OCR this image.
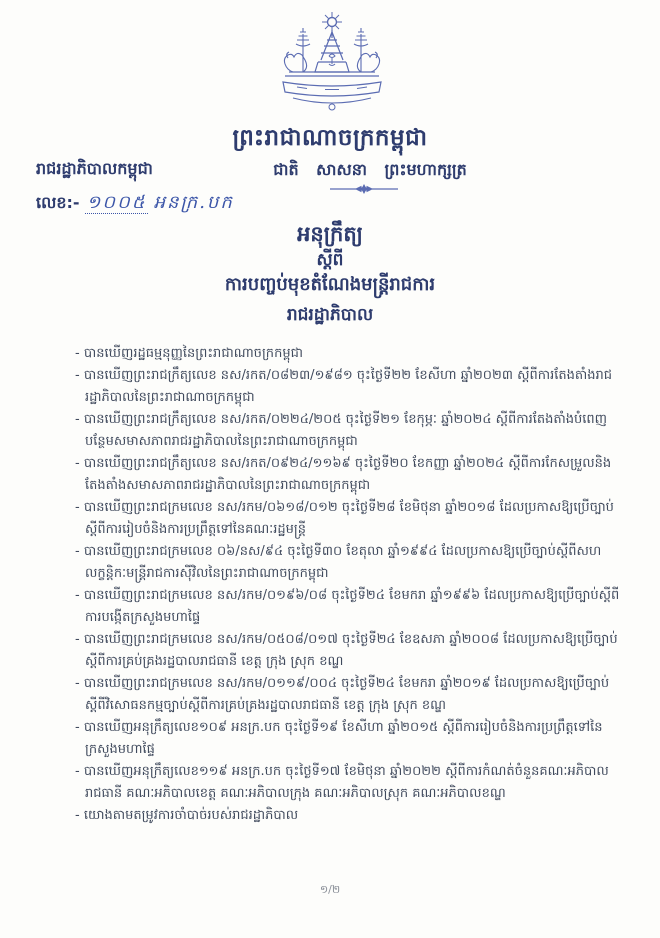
ព្រះរាជាណាចក្រកម្ពុជា
រាជរដ្ឋាភិបាលកម្ពុជា	ជាតិ សាសនា ព្រះមហាក្សត្រ
លេខ:- ១០០៥ អនក្រ.បក

អនុក្រឹត្យ

ស្តីពី

ការបញ្ចប់មុខតំណែងមន្ត្រីរាជការ

រាជរដ្ឋាភិបាល

- បានឃើញរដ្ឋធម្មនុញ្ញនៃព្រះរាជាណាចក្រកម្ពុជា

- បានឃើញព្រះរាជក្រឹត្យលេខ នស/រកត/០៨២៣/១៩៨១ ចុះថ្ងៃទី២២ ខែសីហា ឆ្នាំ២០២៣ ស្តីពីការតែងតាំងរាជរដ្ឋាភិបាលនៃព្រះរាជាណាចក្រកម្ពុជា

- បានឃើញព្រះរាជក្រឹត្យលេខ នស/រកត/០២២៤/២០៥ ចុះថ្ងៃទី២១ ខែកុម្ភៈ ឆ្នាំ២០២៤ ស្តីពីការតែងតាំងបំពេញបន្ថែមសមាសភាពរាជរដ្ឋាភិបាលនៃព្រះរាជាណាចក្រកម្ពុជា

- បានឃើញព្រះរាជក្រឹត្យលេខ នស/រកត/០៩២៤/១១៦៩ ចុះថ្ងៃទី២០ ខែកញ្ញា ឆ្នាំ២០២៤ ស្តីពីការកែសម្រួលនិងតែងតាំងសមាសភាពរាជរដ្ឋាភិបាលនៃព្រះរាជាណាចក្រកម្ពុជា

- បានឃើញព្រះរាជក្រមលេខ នស/រកម/០៦១៨/០១២ ចុះថ្ងៃទី២៨ ខែមិថុនា ឆ្នាំ២០១៨ ដែលប្រកាសឱ្យប្រើច្បាប់ស្តីពីការរៀបចំនិងការប្រព្រឹត្តទៅនៃគណៈរដ្ឋមន្ត្រី

- បានឃើញព្រះរាជក្រមលេខ ០៦/នស/៩៤ ចុះថ្ងៃទី៣០ ខែតុលា ឆ្នាំ១៩៩៤ ដែលប្រកាសឱ្យប្រើច្បាប់ស្តីពីសហលក្ខន្តិកៈមន្ត្រីរាជការស៊ីវិលនៃព្រះរាជាណាចក្រកម្ពុជា

- បានឃើញព្រះរាជក្រមលេខ នស/រកម/០១៩៦/០៨ ចុះថ្ងៃទី២៤ ខែមករា ឆ្នាំ១៩៩៦ ដែលប្រកាសឱ្យប្រើច្បាប់ស្តីពីការបង្កើតក្រសួងមហាផ្ទៃ

- បានឃើញព្រះរាជក្រមលេខ នស/រកម/០៥០៨/០១៧ ចុះថ្ងៃទី២៤ ខែឧសភា ឆ្នាំ២០០៨ ដែលប្រកាសឱ្យប្រើច្បាប់ស្តីពីការគ្រប់គ្រងរដ្ឋបាលរាជធានី ខេត្ត ក្រុង ស្រុក ខណ្ឌ

- បានឃើញព្រះរាជក្រមលេខ នស/រកម/០១១៩/០០៤ ចុះថ្ងៃទី២៤ ខែមករា ឆ្នាំ២០១៩ ដែលប្រកាសឱ្យប្រើច្បាប់ស្តីពីវិសោធនកម្មច្បាប់ស្តីពីការគ្រប់គ្រងរដ្ឋបាលរាជធានី ខេត្ត ក្រុង ស្រុក ខណ្ឌ

- បានឃើញអនុក្រឹត្យលេខ១០៩ អនក្រ.បក ចុះថ្ងៃទី១៩ ខែសីហា ឆ្នាំ២០១៥ ស្តីពីការរៀបចំនិងការប្រព្រឹត្តទៅនៃក្រសួងមហាផ្ទៃ

- បានឃើញអនុក្រឹត្យលេខ១១៩ អនក្រ.បក ចុះថ្ងៃទី១៧ ខែមិថុនា ឆ្នាំ២០២២ ស្តីពីការកំណត់ចំនួនគណៈអភិបាលរាជធានី គណៈអភិបាលខេត្ត គណៈអភិបាលក្រុង គណៈអភិបាលស្រុក គណៈអភិបាលខណ្ឌ

- យោងតាមតម្រូវការចាំបាច់របស់រាជរដ្ឋាភិបាល

១/២
